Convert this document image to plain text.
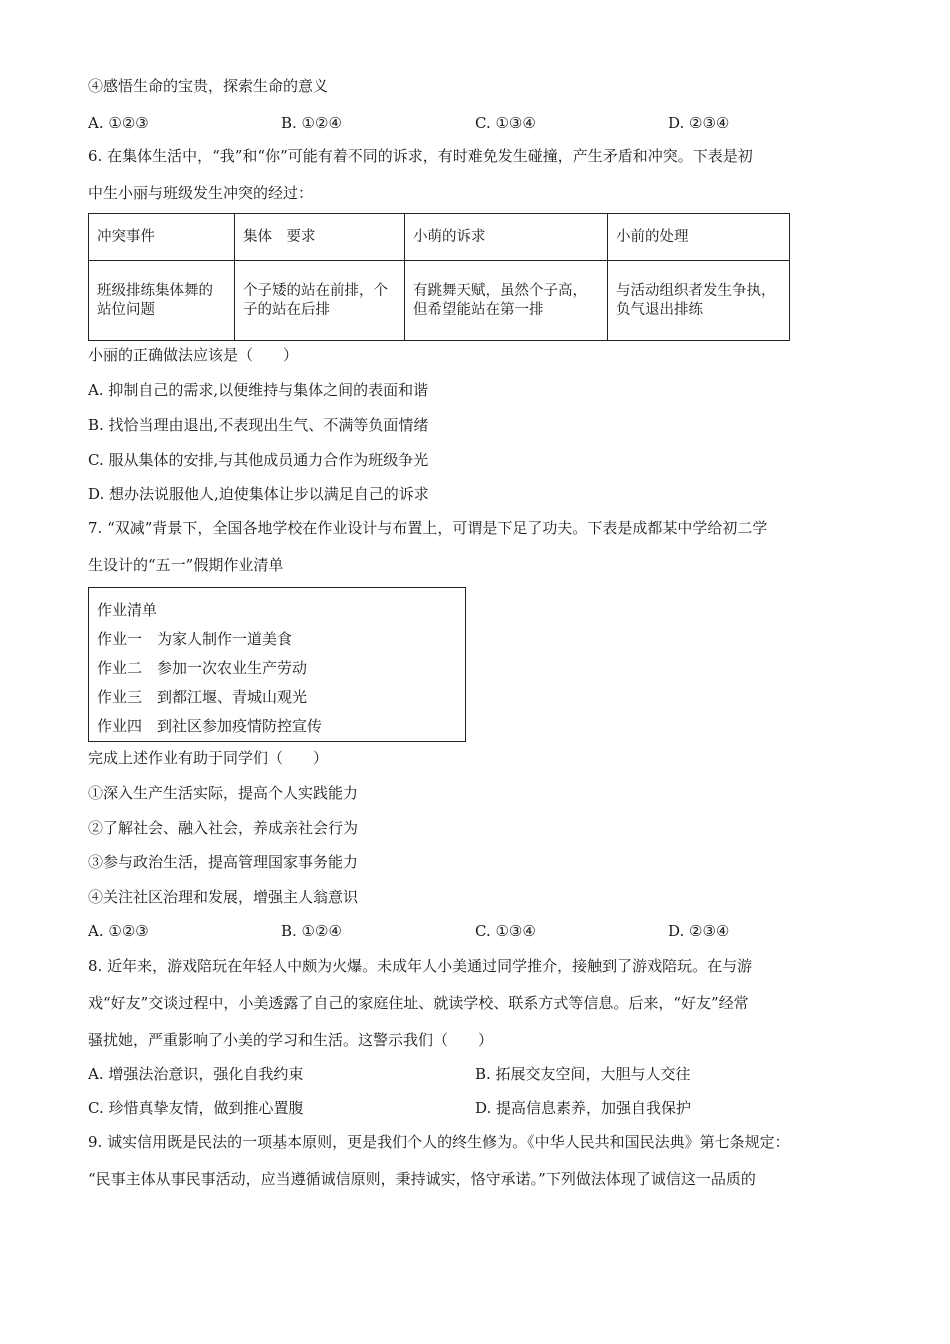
④感悟生命的宝贵，探索生命的意义
A. ①②③	B. ①②④	C. ①③④	D. ②③④
6. 在集体生活中，“我”和“你”可能有着不同的诉求，有时难免发生碰撞，产生矛盾和冲突。下表是初
中生小丽与班级发生冲突的经过：
冲突事件	集体　要求	小萌的诉求	小前的处理
班级排练集体舞的站位问题	个子矮的站在前排，个子的站在后排	有跳舞天赋，虽然个子高，但希望能站在第一排	与活动组织者发生争执，负气退出排练
小丽的正确做法应该是（　　）
A. 抑制自己的需求,以便维持与集体之间的表面和谐
B. 找恰当理由退出,不表现出生气、不满等负面情绪
C. 服从集体的安排,与其他成员通力合作为班级争光
D. 想办法说服他人,迫使集体让步以满足自己的诉求
7. “双减”背景下，全国各地学校在作业设计与布置上，可谓是下足了功夫。下表是成都某中学给初二学
生设计的“五一”假期作业清单
作业清单
作业一　为家人制作一道美食
作业二　参加一次农业生产劳动
作业三　到都江堰、青城山观光
作业四　到社区参加疫情防控宣传
完成上述作业有助于同学们（　　）
①深入生产生活实际，提高个人实践能力
②了解社会、融入社会，养成亲社会行为
③参与政治生活，提高管理国家事务能力
④关注社区治理和发展，增强主人翁意识
A. ①②③	B. ①②④	C. ①③④	D. ②③④
8. 近年来，游戏陪玩在年轻人中颇为火爆。未成年人小美通过同学推介，接触到了游戏陪玩。在与游
戏“好友”交谈过程中，小美透露了自己的家庭住址、就读学校、联系方式等信息。后来，“好友”经常
骚扰她，严重影响了小美的学习和生活。这警示我们（　　）
A. 增强法治意识，强化自我约束	B. 拓展交友空间，大胆与人交往
C. 珍惜真挚友情，做到推心置腹	D. 提高信息素养，加强自我保护
9. 诚实信用既是民法的一项基本原则，更是我们个人的终生修为。《中华人民共和国民法典》第七条规定：
“民事主体从事民事活动，应当遵循诚信原则，秉持诚实，恪守承诺。”下列做法体现了诚信这一品质的
